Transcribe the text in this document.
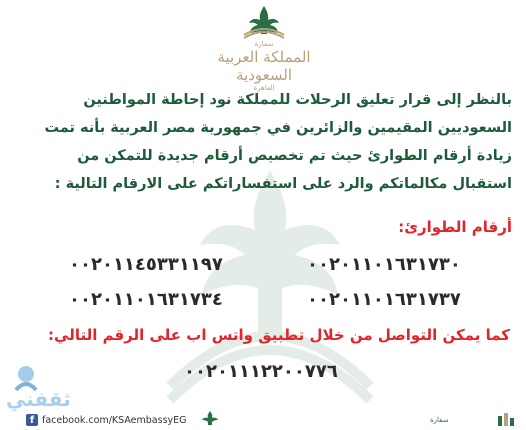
سفارة
المملكة العربية السعودية
القاهرة
بالنظر إلى قرار تعليق الرحلات للمملكة نود إحاطة المواطنين السعوديين المقيمين والزائرين في جمهورية مصر العربية بأنه تمت زيادة أرقام الطوارئ حيث تم تخصيص أرقام جديدة للتمكن من استقبال مكالماتكم والرد على استفساراتكم على الارقام التالية :
أرقام الطوارئ:
٠٠٢٠١١٠١٦٣١٧٣٠
٠٠٢٠١١٤٥٣٣١١٩٧
٠٠٢٠١١٠١٦٣١٧٣٧
٠٠٢٠١١٠١٦٣١٧٣٤
كما يمكن التواصل من خلال تطبيق واتس اب على الرقم التالي:
٠٠٢٠١١١٢٢٠٠٧٧٦
ثقفني
f facebook.com/KSAembassyEG	سفارة
